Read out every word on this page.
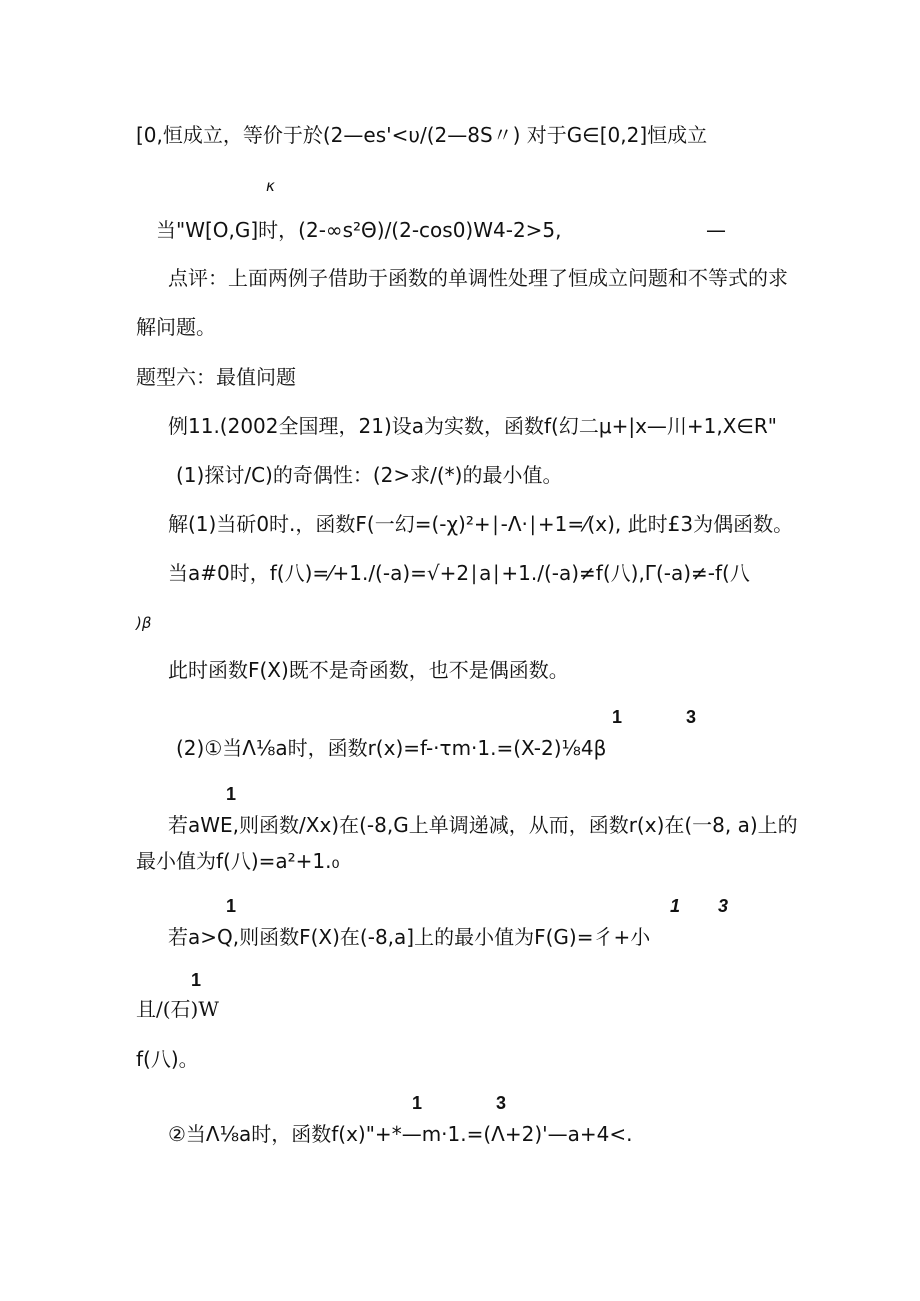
[0,恒成立，等价于於(2—es'<υ/(2—8S〃) 对于G∈[0,2]恒成立
κ
当"W[O,G]时，(2-∞s²Θ)/(2-cos0)W4-2>5,	—
点评：上面两例子借助于函数的单调性处理了恒成立问题和不等式的求
解问题。
题型六：最值问题
例11.(2002全国理，21)设a为实数，函数f(幻二μ+|x—川+1,X∈R"
(1)探讨/C)的奇偶性：(2>求/(*)的最小值。
解(1)当斫0时.，函数F(一幻=(-χ)²+∣-Λ·∣+1=⁄(x), 此时£3为偶函数。
当a#0时，f(八)=⁄+1./(-a)=√+2∣a∣+1./(-a)≠f(八),Γ(-a)≠-f(八
)β
此时函数F(X)既不是奇函数，也不是偶函数。
1	3
(2)①当Λ⅛a时，函数r(x)=f-·τm·1.=(X-2)⅛4β
1
若aWE,则函数/Xx)在(-8,G上单调递减，从而，函数r(x)在(一8, a)上的
最小值为f(八)=a²+1.₀
1	1 3
若a>Q,则函数F(X)在(-8,a]上的最小值为F(G)=彳+小
1
且/(石)W
f(八)。
1	3
②当Λ⅛a时，函数f(x)"+*—m·1.=(Λ+2)'—a+4<.
